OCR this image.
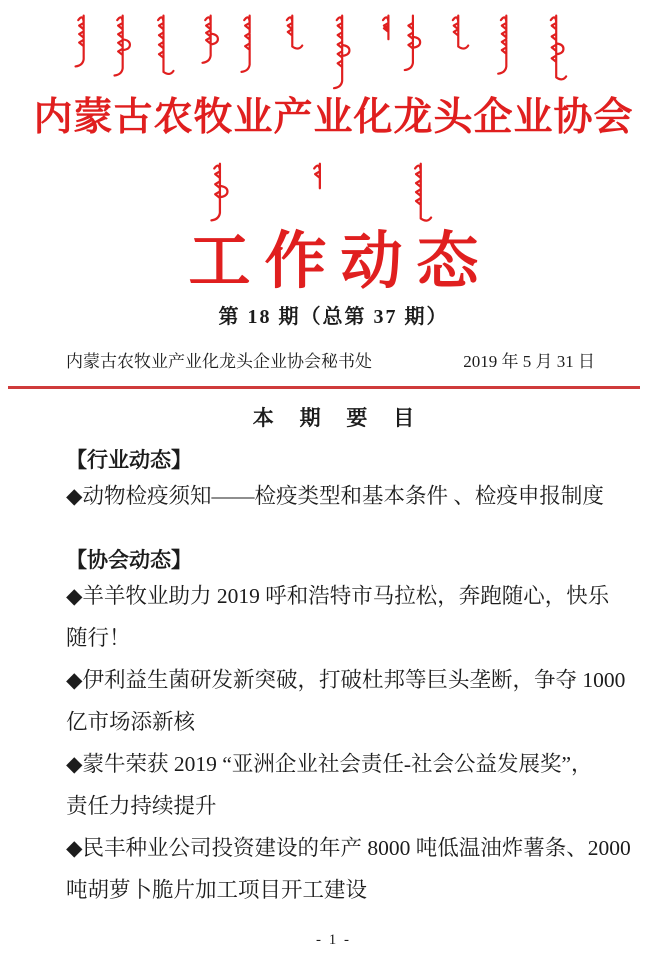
内蒙古农牧业产业化龙头企业协会
工作动态
第 18 期（总第 37 期）
内蒙古农牧业产业化龙头企业协会秘书处	2019 年 5 月 31 日
本 期 要 目
【行业动态】
◆动物检疫须知——检疫类型和基本条件 、检疫申报制度
【协会动态】
◆羊羊牧业助力 2019 呼和浩特市马拉松，奔跑随心，快乐
随行！
◆伊利益生菌研发新突破，打破杜邦等巨头垄断，争夺 1000
亿市场添新核
◆蒙牛荣获 2019 “亚洲企业社会责任-社会公益发展奖”，
责任力持续提升
◆民丰种业公司投资建设的年产 8000 吨低温油炸薯条、2000
吨胡萝卜脆片加工项目开工建设
- 1 -
